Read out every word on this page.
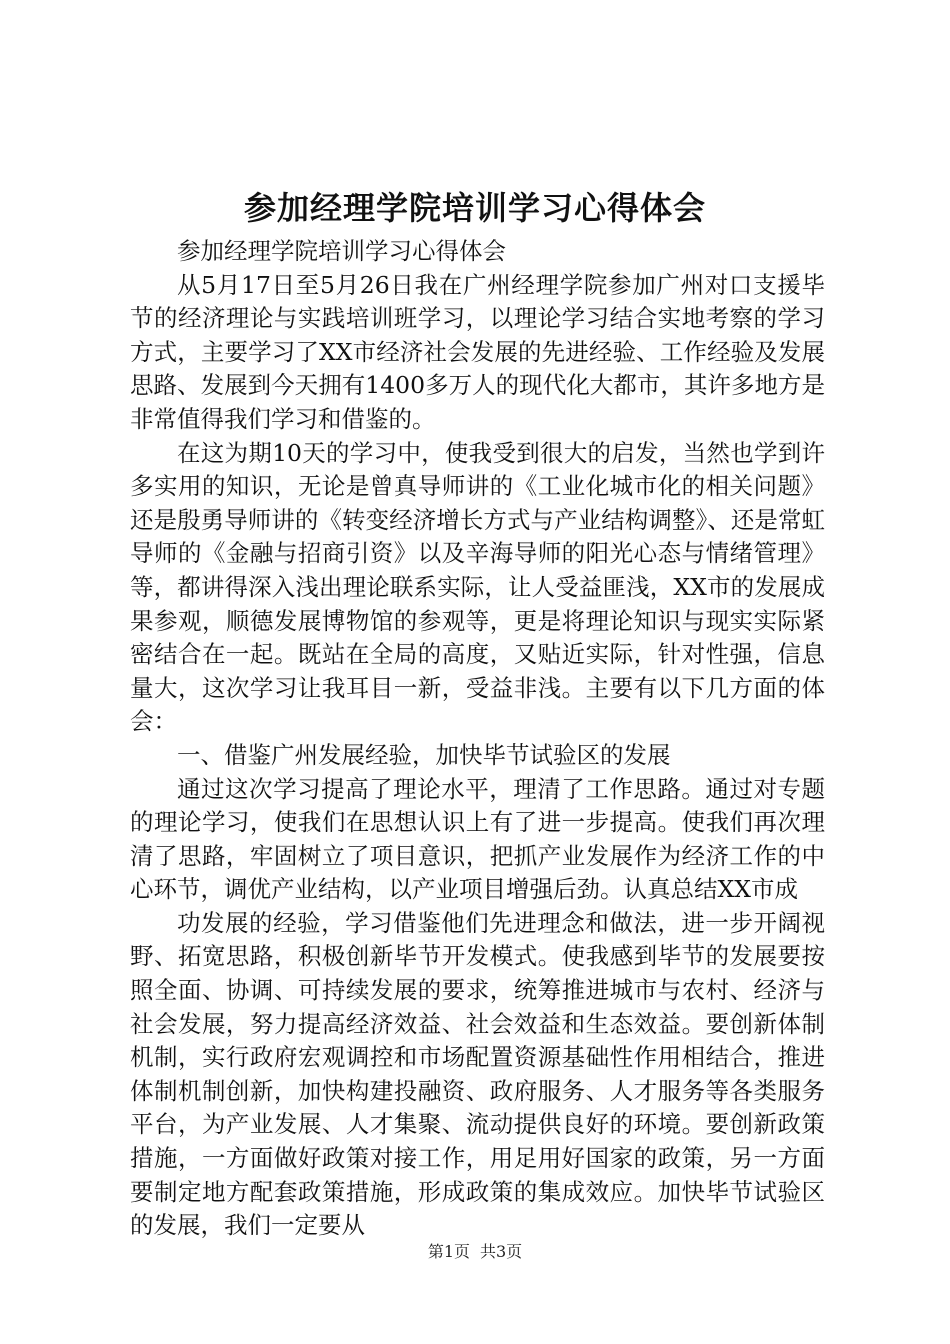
参加经理学院培训学习心得体会

参加经理学院培训学习心得体会

从5月17日至5月26日我在广州经理学院参加广州对口支援毕节的经济理论与实践培训班学习，以理论学习结合实地考察的学习方式，主要学习了XX市经济社会发展的先进经验、工作经验及发展思路、发展到今天拥有1400多万人的现代化大都市，其许多地方是非常值得我们学习和借鉴的。

在这为期10天的学习中，使我受到很大的启发，当然也学到许多实用的知识，无论是曾真导师讲的《工业化城市化的相关问题》还是殷勇导师讲的《转变经济增长方式与产业结构调整》、还是常虹导师的《金融与招商引资》以及辛海导师的阳光心态与情绪管理》等，都讲得深入浅出理论联系实际，让人受益匪浅，XX市的发展成果参观，顺德发展博物馆的参观等，更是将理论知识与现实实际紧密结合在一起。既站在全局的高度，又贴近实际，针对性强，信息量大，这次学习让我耳目一新，受益非浅。主要有以下几方面的体会：

一、借鉴广州发展经验，加快毕节试验区的发展

通过这次学习提高了理论水平，理清了工作思路。通过对专题的理论学习，使我们在思想认识上有了进一步提高。使我们再次理清了思路，牢固树立了项目意识，把抓产业发展作为经济工作的中心环节，调优产业结构，以产业项目增强后劲。认真总结XX市成

功发展的经验，学习借鉴他们先进理念和做法，进一步开阔视野、拓宽思路，积极创新毕节开发模式。使我感到毕节的发展要按照全面、协调、可持续发展的要求，统筹推进城市与农村、经济与社会发展，努力提高经济效益、社会效益和生态效益。要创新体制机制，实行政府宏观调控和市场配置资源基础性作用相结合，推进体制机制创新，加快构建投融资、政府服务、人才服务等各类服务平台，为产业发展、人才集聚、流动提供良好的环境。要创新政策措施，一方面做好政策对接工作，用足用好国家的政策，另一方面要制定地方配套政策措施，形成政策的集成效应。加快毕节试验区的发展，我们一定要从

第1页 共3页
